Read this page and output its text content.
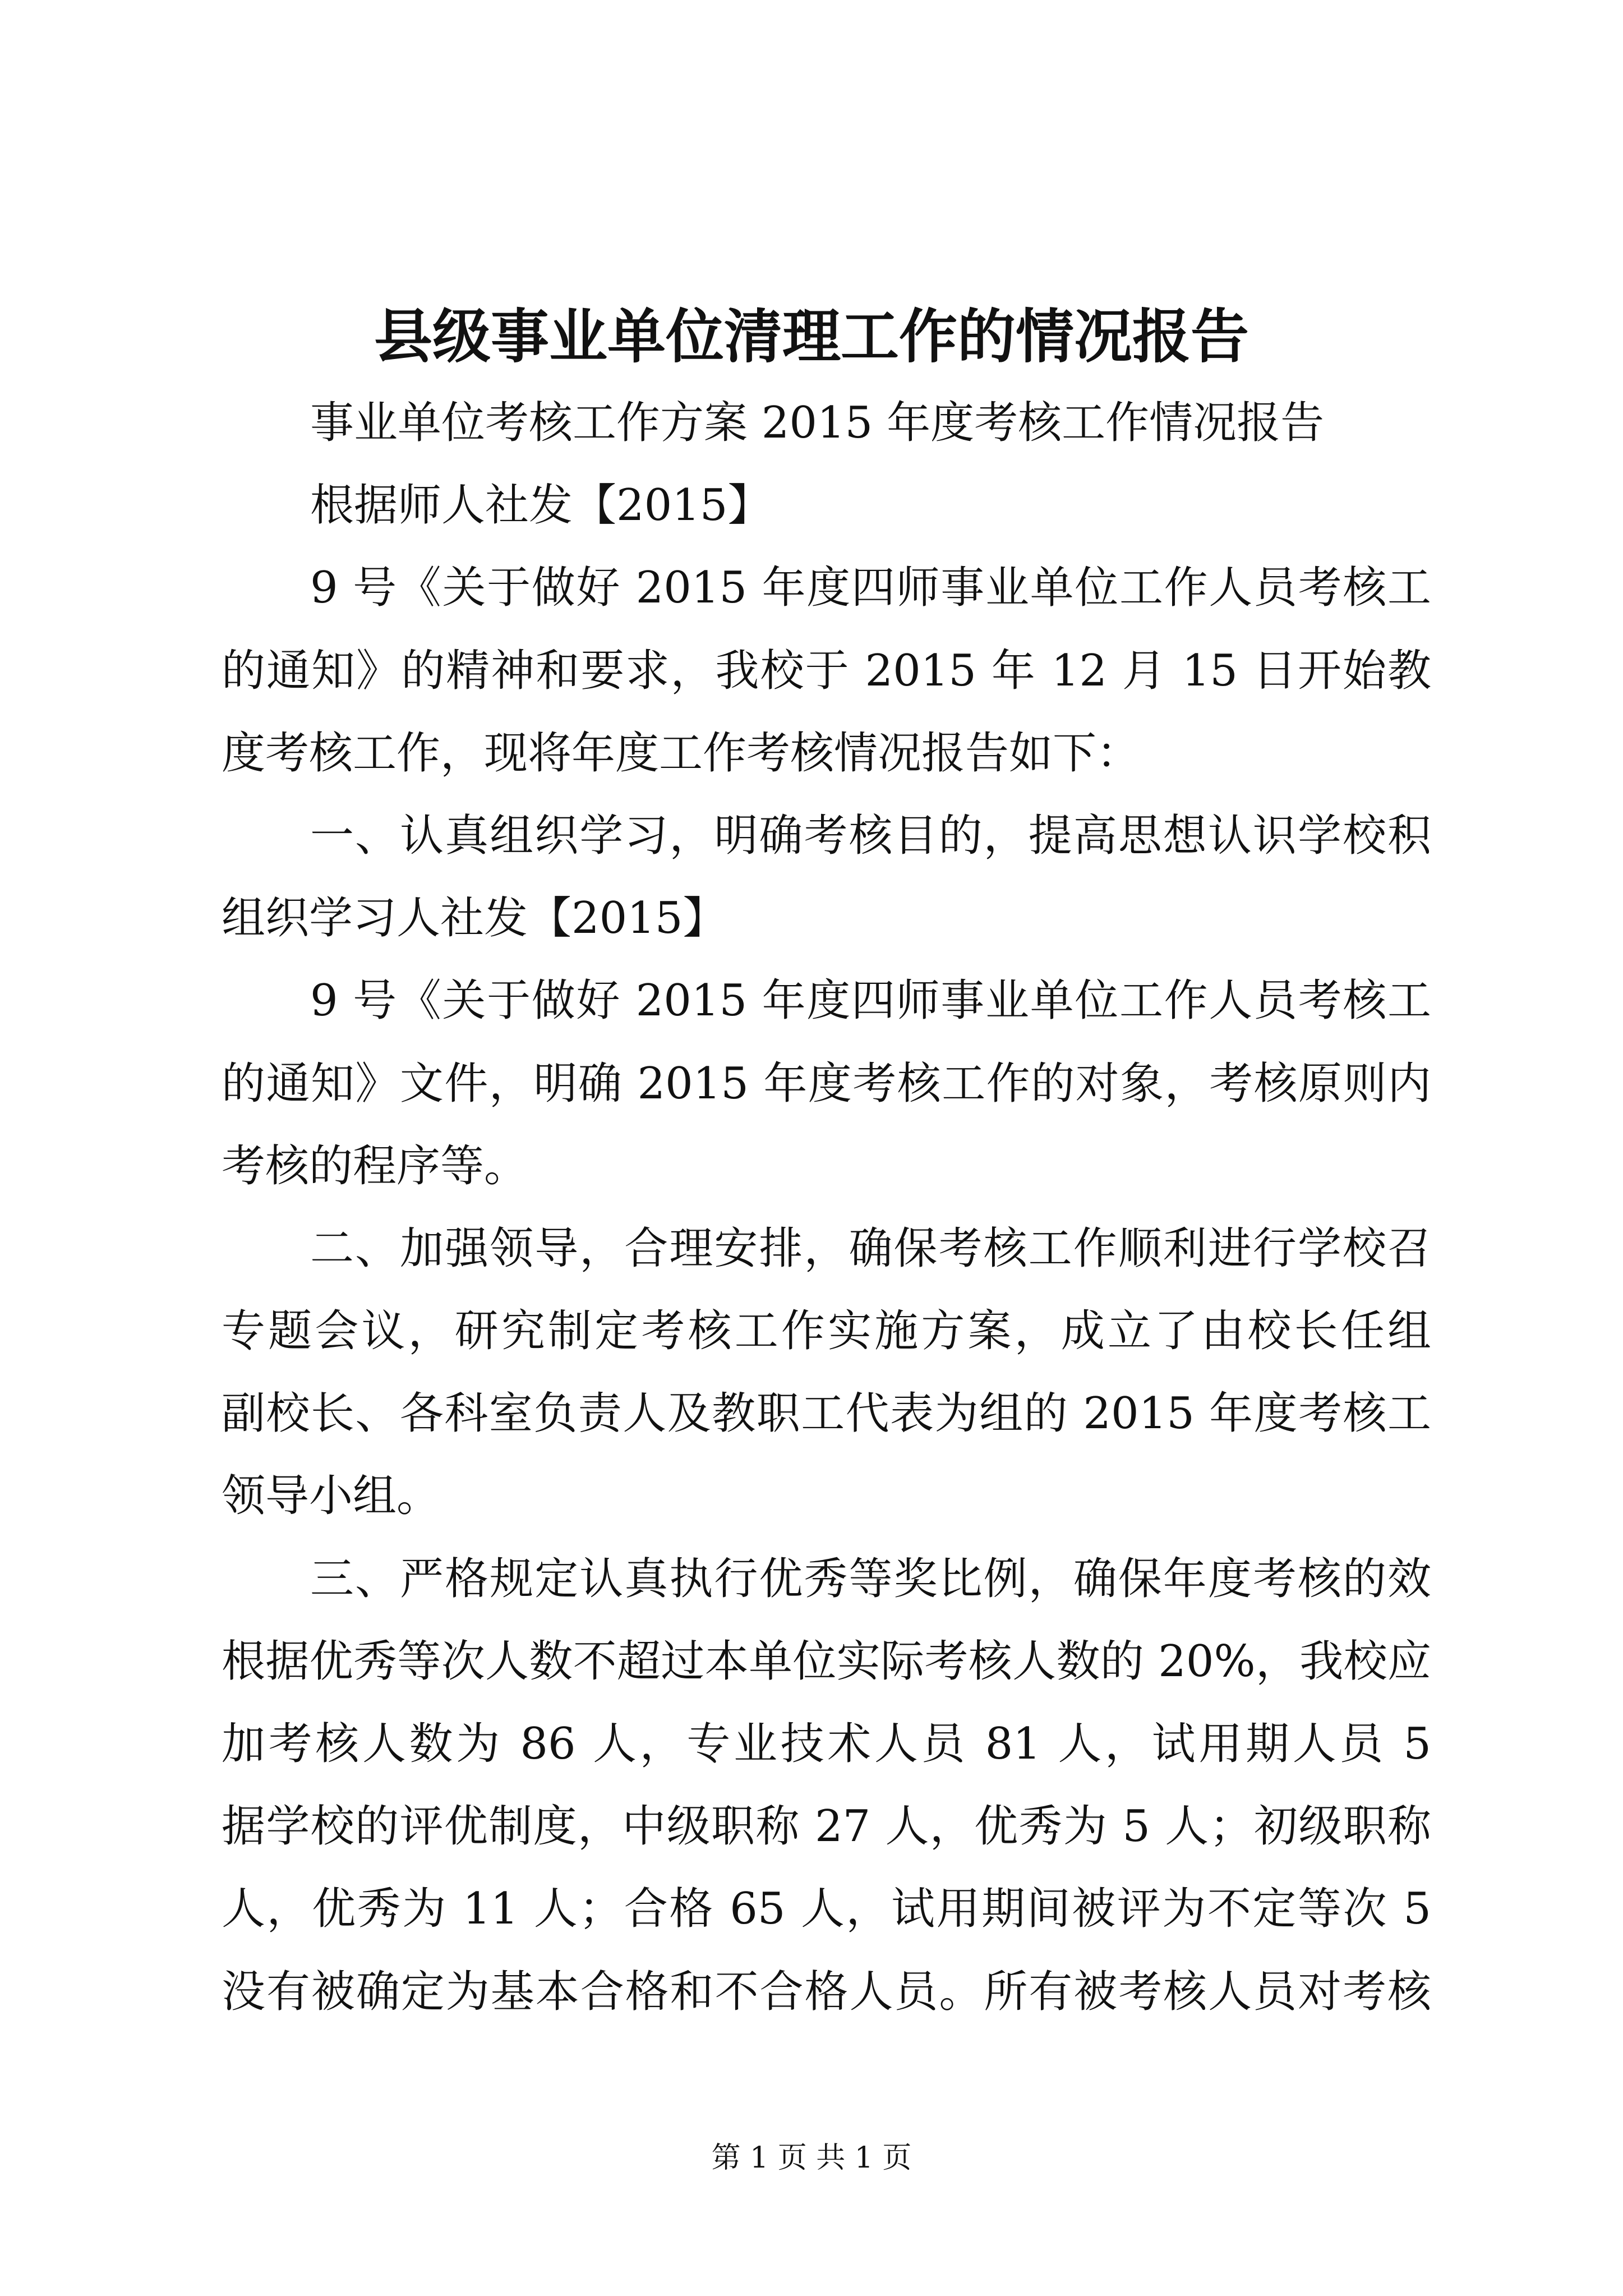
县级事业单位清理工作的情况报告
事业单位考核工作方案 2015 年度考核工作情况报告
根据师人社发【2015】
9 号《关于做好 2015 年度四师事业单位工作人员考核工
的通知》的精神和要求，我校于 2015 年 12 月 15 日开始教
度考核工作，现将年度工作考核情况报告如下：
一、认真组织学习，明确考核目的，提高思想认识学校积
组织学习人社发【2015】
9 号《关于做好 2015 年度四师事业单位工作人员考核工
的通知》文件，明确 2015 年度考核工作的对象，考核原则内
考核的程序等。
二、加强领导，合理安排，确保考核工作顺利进行学校召
专题会议，研究制定考核工作实施方案，成立了由校长任组
副校长、各科室负责人及教职工代表为组的 2015 年度考核工
领导小组。
三、严格规定认真执行优秀等奖比例，确保年度考核的效
根据优秀等次人数不超过本单位实际考核人数的 20%，我校应
加考核人数为 86 人，专业技术人员 81 人，试用期人员 5
据学校的评优制度，中级职称 27 人，优秀为 5 人；初级职称
人，优秀为 11 人；合格 65 人，试用期间被评为不定等次 5
没有被确定为基本合格和不合格人员。所有被考核人员对考核
第 1 页 共 1 页
